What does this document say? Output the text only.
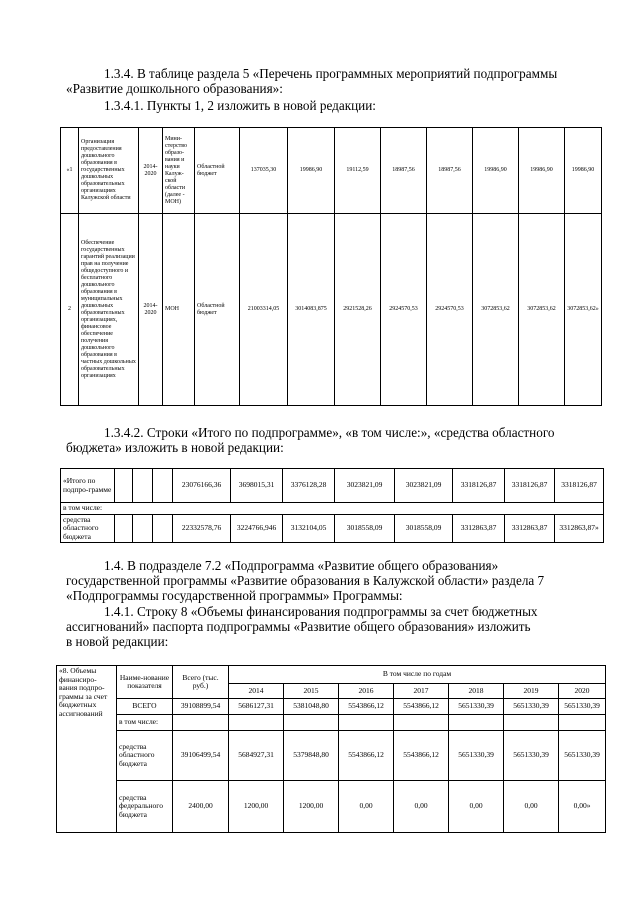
1.3.4. В таблице раздела 5 «Перечень программных мероприятий подпрограммы
«Развитие дошкольного образования»:
1.3.4.1. Пункты 1, 2 изложить в новой редакции:
«1	Организация предоставления дошкольного образования в государственных дошкольных образовательных организациях Калужской области	2014-2020	Мини-стерство образо-вания и науки Калуж-ской области (далее - МОН)	Областной бюджет	137035,30	19986,90	19112,59	18987,56	18987,56	19986,90	19986,90	19986,90
2	Обеспечение государственных гарантий реализации прав на получение общедоступного и бесплатного дошкольного образования в муниципальных дошкольных образовательных организациях, финансовое обеспечение получения дошкольного образования в частных дошкольных образовательных организациях	2014-2020	МОН	Областной бюджет	21003314,05	3014083,875	2921528,26	2924570,53	2924570,53	3072853,62	3072853,62	3072853,62»
1.3.4.2. Строки «Итого по подпрограмме», «в том числе:», «средства областного
бюджета» изложить в новой редакции:
«Итого по подпро-грамме				23076166,36	3698015,31	3376128,28	3023821,09	3023821,09	3318126,87	3318126,87	3318126,87
в том числе:											
средства областного бюджета				22332578,76	3224766,946	3132104,05	3018558,09	3018558,09	3312863,87	3312863,87	3312863,87»
1.4. В подразделе 7.2 «Подпрограмма «Развитие общего образования»
государственной программы «Развитие образования в Калужской области» раздела 7
«Подпрограммы государственной программы» Программы:
1.4.1. Строку 8 «Объемы финансирования подпрограммы за счет бюджетных
ассигнований» паспорта подпрограммы «Развитие общего образования» изложить
в новой редакции:
«8. Объемы финансиро-вания подпро-граммы за счет бюджетных ассигнований	Наиме-нование показателя	Всего (тыс. руб.)	В том числе по годам						
			2014	2015	2016	2017	2018	2019	2020
	ВСЕГО	39108899,54	5686127,31	5381048,80	5543866,12	5543866,12	5651330,39	5651330,39	5651330,39
	в том числе:								
	средства областного бюджета	39106499,54	5684927,31	5379848,80	5543866,12	5543866,12	5651330,39	5651330,39	5651330,39
	средства федерального бюджета	2400,00	1200,00	1200,00	0,00	0,00	0,00	0,00	0,00»
